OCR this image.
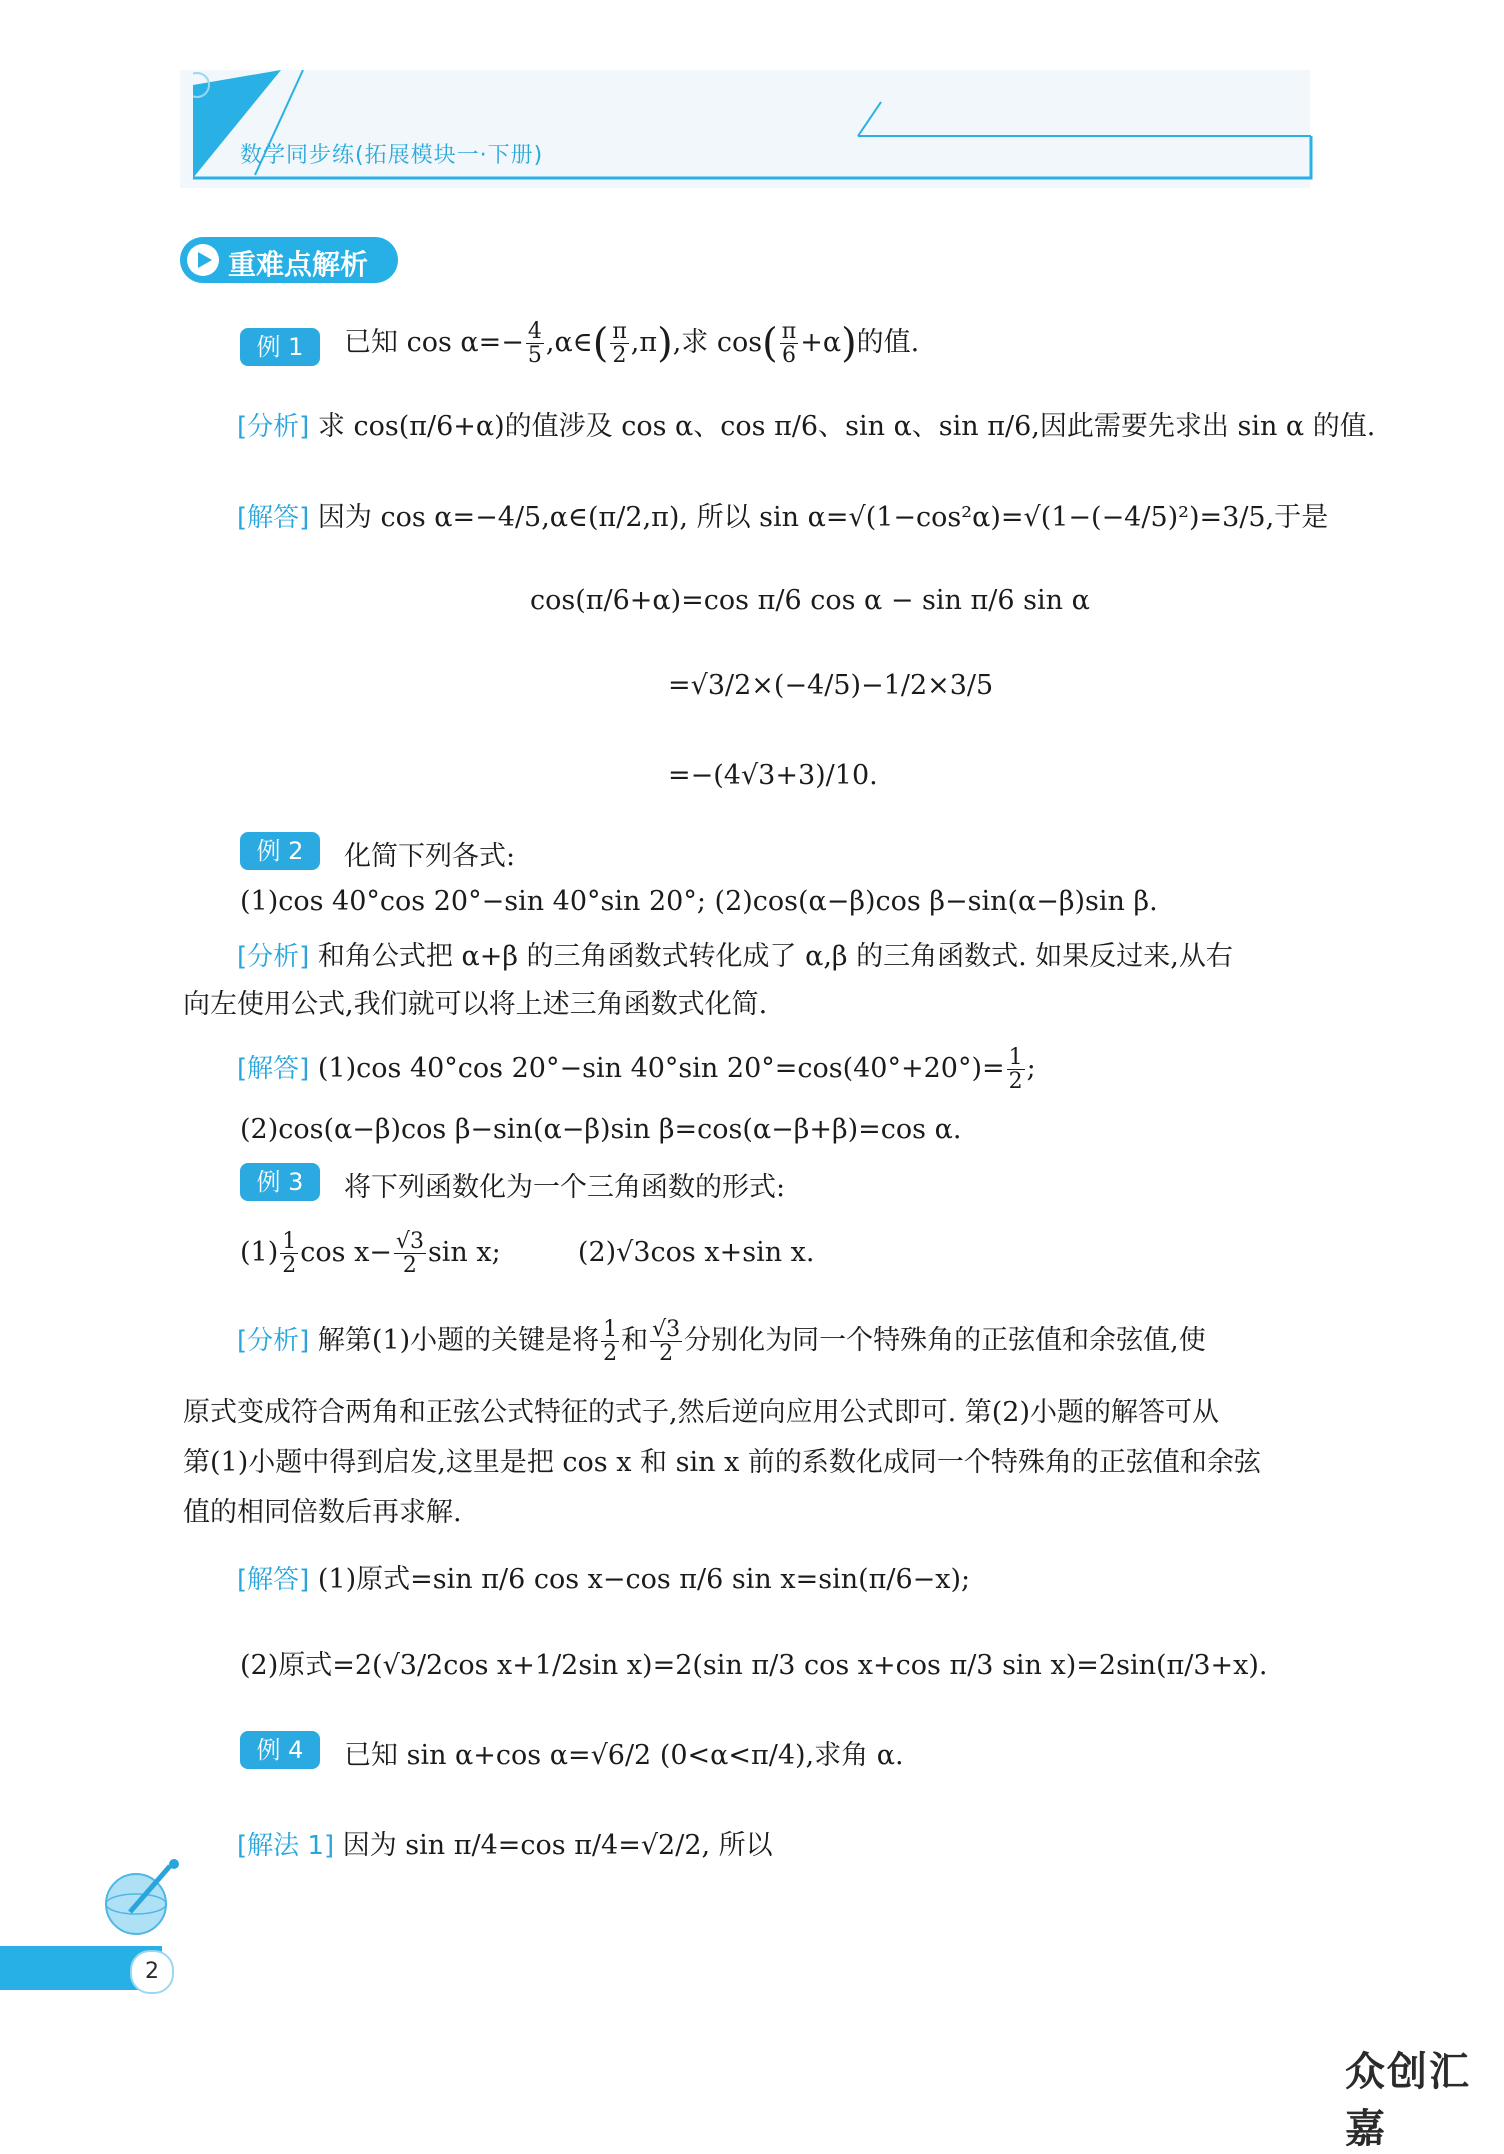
数学同步练(拓展模块一·下册)
重难点解析
例 1	已知 $\cos \alpha=- \frac{4}{5}$ ,α∈( $\frac{\pi}{2} ,\pi$),求 $\cos( \frac{\pi}{6} +\alpha)$的值.
[分析] 求 cos(π/6+α)的值涉及 cos α、cos π/6、sin α、sin π/6,因此需要先求出 sin α 的值.
[解答] 因为 cos α=−4/5,α∈(π/2,π), 所以 sin α=√(1−cos²α)=√(1−(−4/5)²)=3/5,于是
cos(π/6+α)=cos π/6 cos α − sin π/6 sin α
=√3/2×(−4/5)−1/2×3/5
=−(4√3+3)/10.
例 2	化简下列各式:
(1)cos 40°cos 20°−sin 40°sin 20°; (2)cos(α−β)cos β−sin(α−β)sin β.
[分析] 和角公式把 α+β 的三角函数式转化成了 α,β 的三角函数式. 如果反过来,从右
向左使用公式,我们就可以将上述三角函数式化简.
[解答] (1)cos 40°cos 20°−sin 40°sin $20^\circ=\cos(40^\circ+20^\circ)= \frac{1}{2}$ ;
(2)cos(α−β)cos β−sin(α−β)sin β=cos(α−β+β)=cos α.
例 3	将下列函数化为一个三角函数的形式:
$(1) \frac{1}{2}$ $\cos x- \frac{√3}{2}$ sin x;	(2)√3cos x+sin x.
[分析] 解第(1)小题的关键是将 $\frac{1}{2}$ 和 $\frac{√3}{2}$ 分别化为同一个特殊角的正弦值和余弦值,使
原式变成符合两角和正弦公式特征的式子,然后逆向应用公式即可. 第(2)小题的解答可从
第(1)小题中得到启发,这里是把 cos x 和 sin x 前的系数化成同一个特殊角的正弦值和余弦
值的相同倍数后再求解.
[解答] (1)原式=sin π/6 cos x−cos π/6 sin x=sin(π/6−x);
(2)原式=2(√3/2cos x+1/2sin x)=2(sin π/3 cos x+cos π/3 sin x)=2sin(π/3+x).
例 4	已知 sin α+cos α=√6/2 (0<α<π/4),求角 α.
[解法 1] 因为 sin π/4=cos π/4=√2/2, 所以
2
众创汇嘉
